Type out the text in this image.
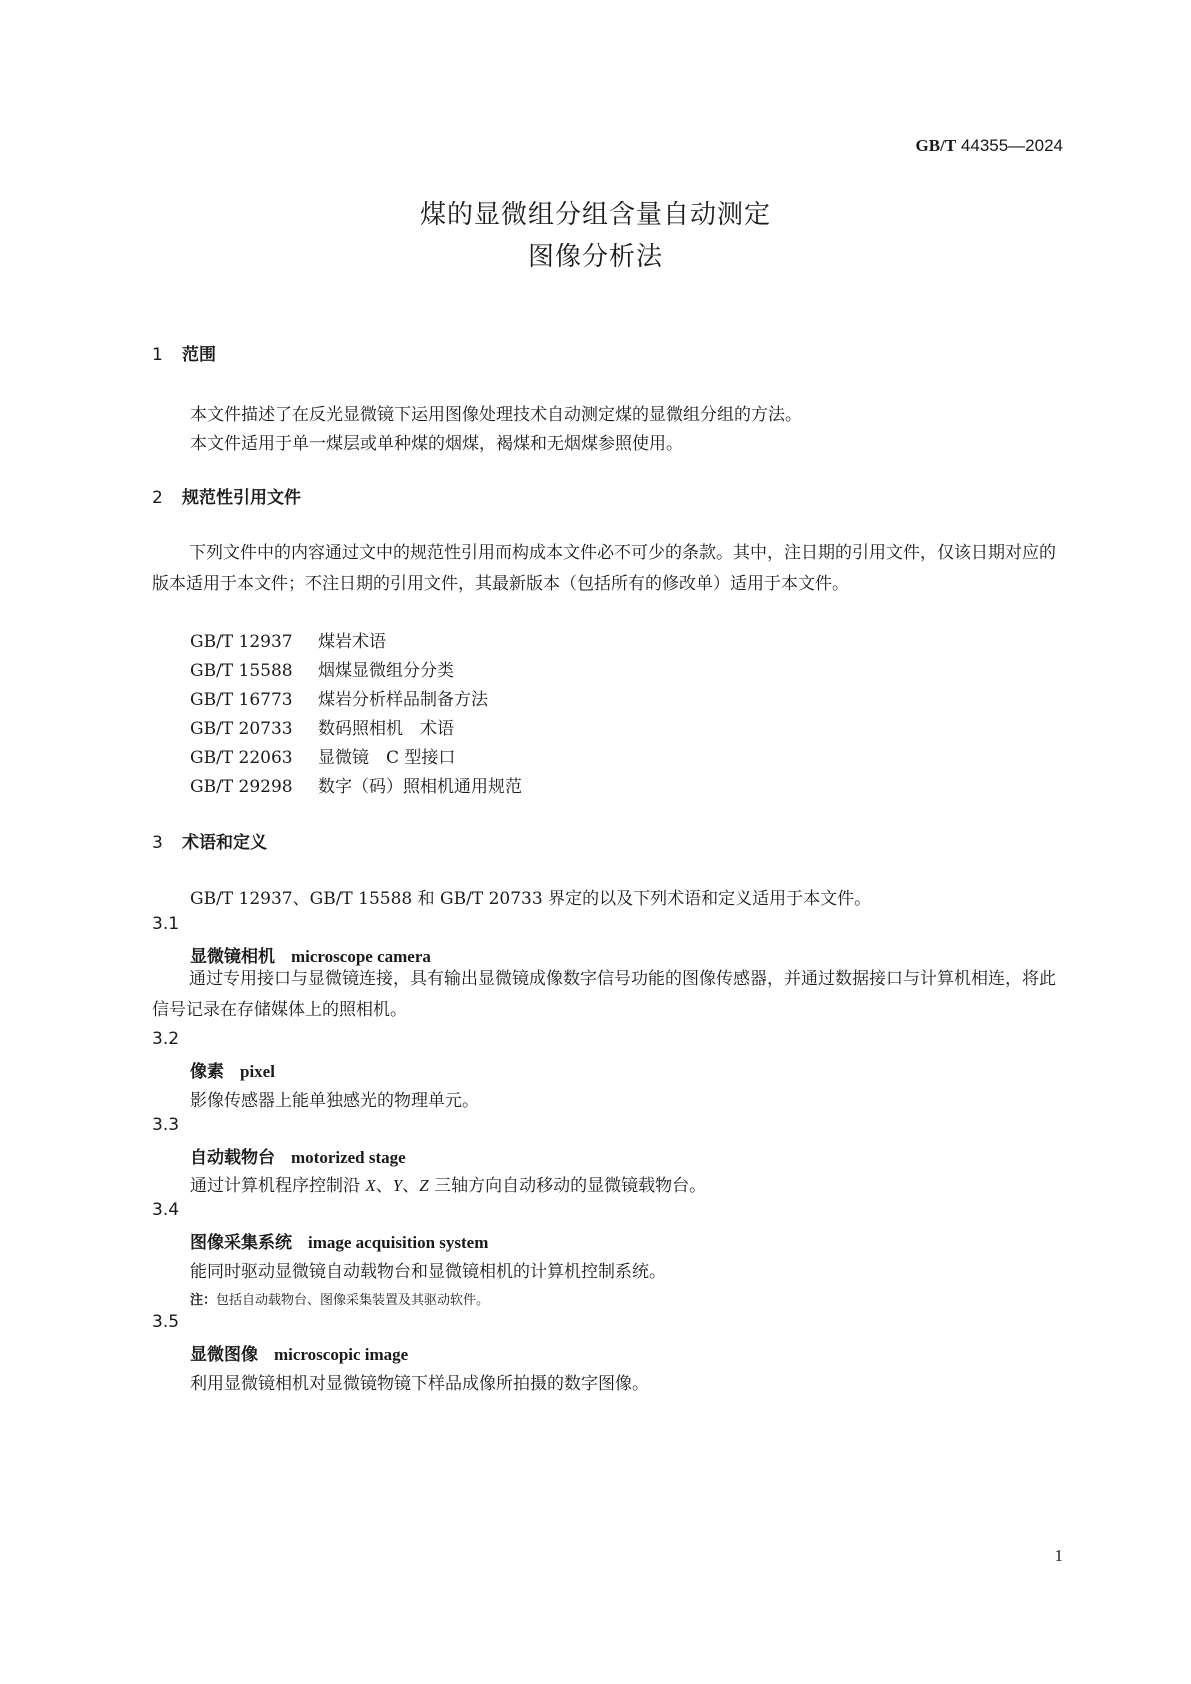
GB/T 44355—2024
煤的显微组分组含量自动测定
图像分析法
1 范围
本文件描述了在反光显微镜下运用图像处理技术自动测定煤的显微组分组的方法。
本文件适用于单一煤层或单种煤的烟煤，褐煤和无烟煤参照使用。
2 规范性引用文件
下列文件中的内容通过文中的规范性引用而构成本文件必不可少的条款。其中，注日期的引用文件，仅该日期对应的版本适用于本文件；不注日期的引用文件，其最新版本（包括所有的修改单）适用于本文件。
GB/T 12937 煤岩术语
GB/T 15588 烟煤显微组分分类
GB/T 16773 煤岩分析样品制备方法
GB/T 20733 数码照相机　术语
GB/T 22063 显微镜　C 型接口
GB/T 29298 数字（码）照相机通用规范
3 术语和定义
GB/T 12937、GB/T 15588 和 GB/T 20733 界定的以及下列术语和定义适用于本文件。
3.1
显微镜相机 microscope camera
通过专用接口与显微镜连接，具有输出显微镜成像数字信号功能的图像传感器，并通过数据接口与计算机相连，将此信号记录在存储媒体上的照相机。
3.2
像素 pixel
影像传感器上能单独感光的物理单元。
3.3
自动载物台 motorized stage
通过计算机程序控制沿 X、Y、Z 三轴方向自动移动的显微镜载物台。
3.4
图像采集系统 image acquisition system
能同时驱动显微镜自动载物台和显微镜相机的计算机控制系统。
注：包括自动载物台、图像采集装置及其驱动软件。
3.5
显微图像 microscopic image
利用显微镜相机对显微镜物镜下样品成像所拍摄的数字图像。
1
